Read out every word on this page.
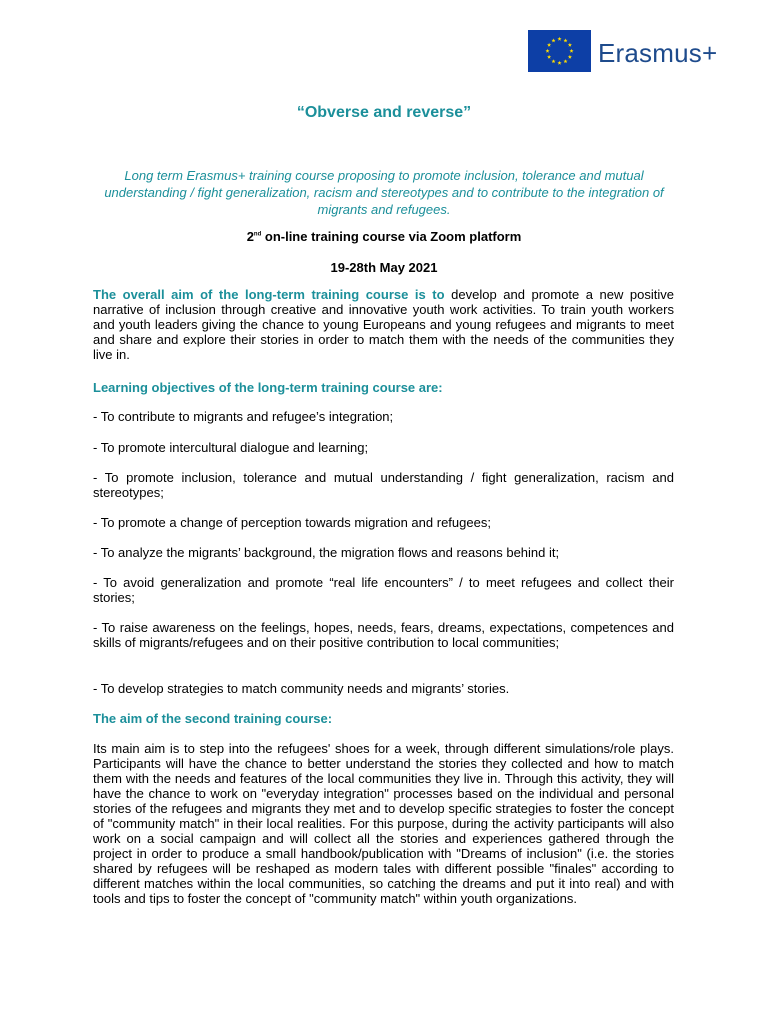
Erasmus+
“Obverse and reverse”
Long term Erasmus+ training course proposing to promote inclusion, tolerance and mutual understanding / fight generalization, racism and stereotypes and to contribute to the integration of migrants and refugees.
2nd on-line training course via Zoom platform
19-28th May 2021
The overall aim of the long-term training course is to develop and promote a new positive narrative of inclusion through creative and innovative youth work activities. To train youth workers and youth leaders giving the chance to young Europeans and young refugees and migrants to meet and share and explore their stories in order to match them with the needs of the communities they live in.
Learning objectives of the long-term training course are:
- To contribute to migrants and refugee’s integration;
- To promote intercultural dialogue and learning;
- To promote inclusion, tolerance and mutual understanding / fight generalization, racism and stereotypes;
- To promote a change of perception towards migration and refugees;
- To analyze the migrants’ background, the migration flows and reasons behind it;
- To avoid generalization and promote “real life encounters” / to meet refugees and collect their stories;
- To raise awareness on the feelings, hopes, needs, fears, dreams, expectations, competences and skills of migrants/refugees and on their positive contribution to local communities;
- To develop strategies to match community needs and migrants’ stories.
The aim of the second training course:
Its main aim is to step into the refugees' shoes for a week, through different simulations/role plays. Participants will have the chance to better understand the stories they collected and how to match them with the needs and features of the local communities they live in. Through this activity, they will have the chance to work on "everyday integration" processes based on the individual and personal stories of the refugees and migrants they met and to develop specific strategies to foster the concept of "community match" in their local realities. For this purpose, during the activity participants will also work on a social campaign and will collect all the stories and experiences gathered through the project in order to produce a small handbook/publication with "Dreams of inclusion" (i.e. the stories shared by refugees will be reshaped as modern tales with different possible "finales" according to different matches within the local communities, so catching the dreams and put it into real) and with tools and tips to foster the concept of "community match" within youth organizations.
